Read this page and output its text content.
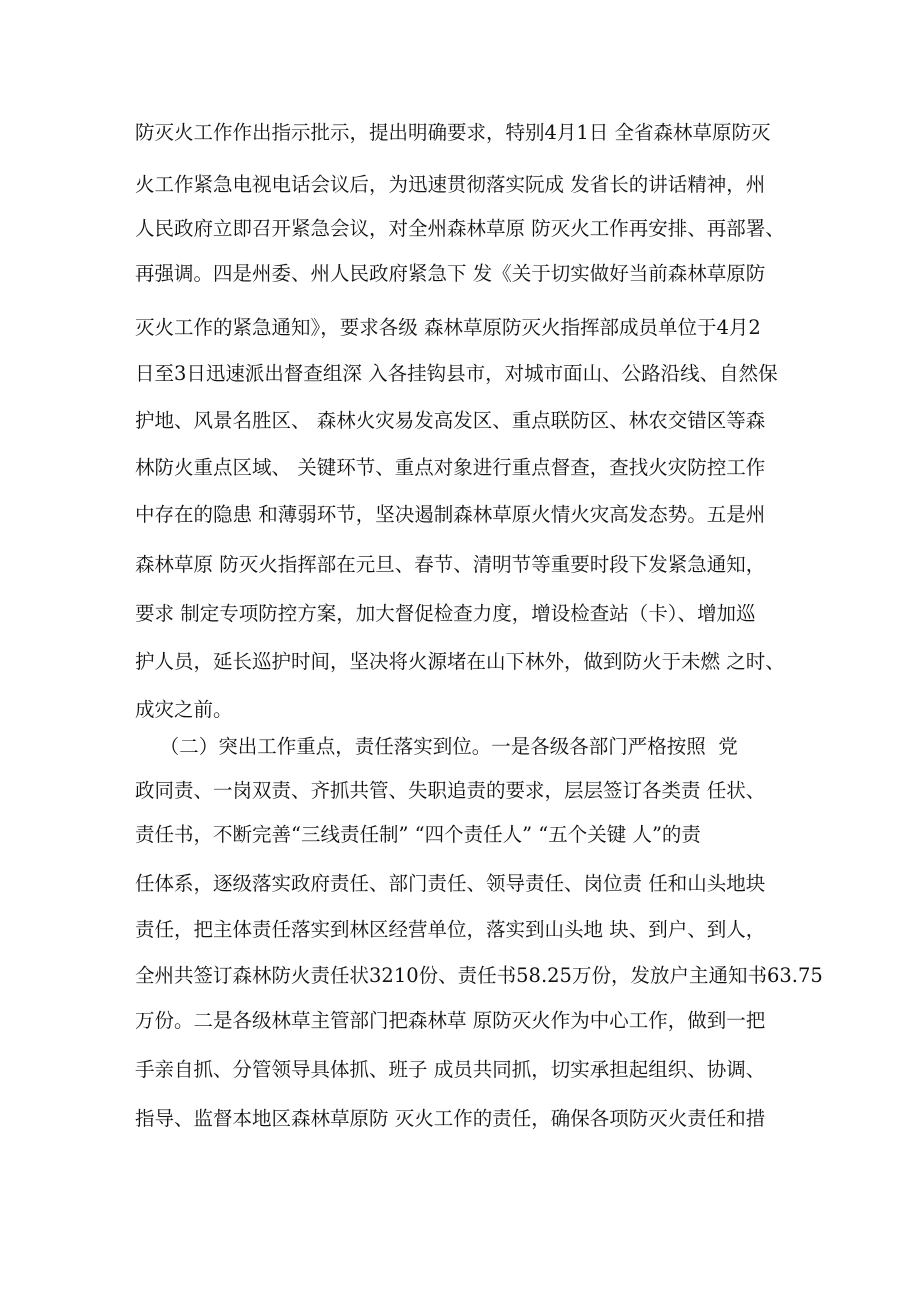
防灭火工作作出指示批示，提出明确要求，特别4月1日 全省森林草原防灭
火工作紧急电视电话会议后，为迅速贯彻落实阮成 发省长的讲话精神，州
人民政府立即召开紧急会议，对全州森林草原 防灭火工作再安排、再部署、
再强调。四是州委、州人民政府紧急下 发《关于切实做好当前森林草原防
灭火工作的紧急通知》，要求各级 森林草原防灭火指挥部成员单位于4月2
日至3日迅速派出督查组深 入各挂钩县市，对城市面山、公路沿线、自然保
护地、风景名胜区、 森林火灾易发高发区、重点联防区、林农交错区等森
林防火重点区域、 关键环节、重点对象进行重点督查，查找火灾防控工作
中存在的隐患 和薄弱环节，坚决遏制森林草原火情火灾高发态势。五是州
森林草原 防灭火指挥部在元旦、春节、清明节等重要时段下发紧急通知，
要求 制定专项防控方案，加大督促检查力度，增设检查站（卡）、增加巡
护人员，延长巡护时间，坚决将火源堵在山下林外，做到防火于未燃 之时、
成灾之前。
（二）突出工作重点，责任落实到位。一是各级各部门严格按照  党
政同责、一岗双责、齐抓共管、失职追责的要求，层层签订各类责 任状、
责任书，不断完善“三线责任制” “四个责任人” “五个关键 人”的责
任体系，逐级落实政府责任、部门责任、领导责任、岗位责 任和山头地块
责任，把主体责任落实到林区经营单位，落实到山头地 块、到户、到人，
全州共签订森林防火责任状3210份、责任书58.25万份，发放户主通知书63.75
万份。二是各级林草主管部门把森林草 原防灭火作为中心工作，做到一把
手亲自抓、分管领导具体抓、班子 成员共同抓，切实承担起组织、协调、
指导、监督本地区森林草原防 灭火工作的责任，确保各项防灭火责任和措
